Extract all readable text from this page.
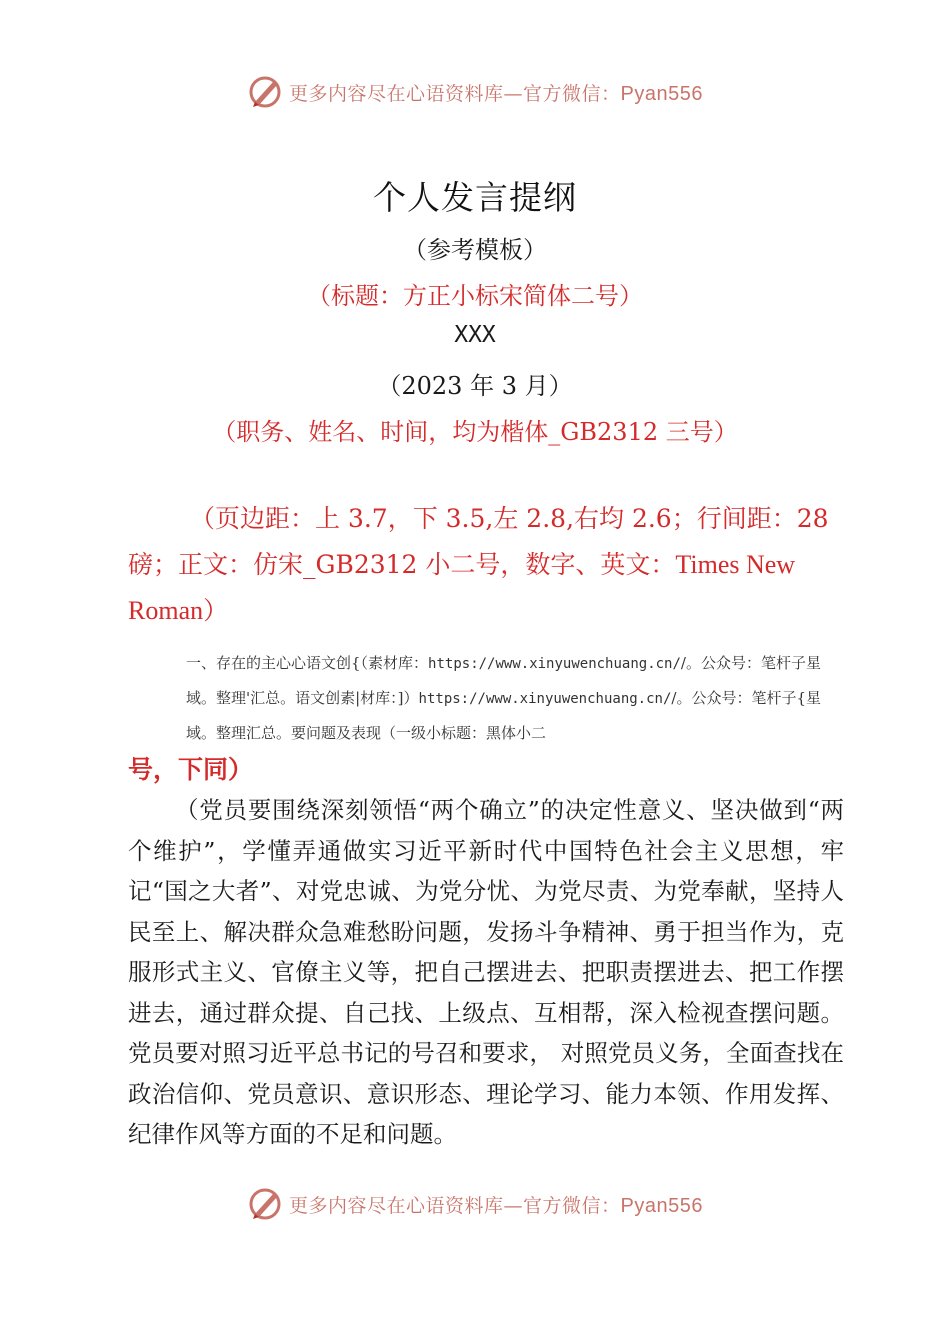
更多内容尽在心语资料库—官方微信：Pyan556
个人发言提纲
（参考模板）
（标题：方正小标宋简体二号）
XXX
（2023 年 3 月）
（职务、姓名、时间，均为楷体_GB2312 三号）
（页边距：上 3.7，下 3.5,左 2.8,右均 2.6；行间距：28 磅；正文：仿宋_GB2312 小二号，数字、英文：Times New Roman）
一、存在的主心心语文创{（素材库：https://www.xinyuwenchuang.cn//。公众号：笔杆子星域。整理'汇总。语文创素|材库：]）https://www.xinyuwenchuang.cn//。公众号：笔杆子{星域。整理汇总。要问题及表现（一级小标题：黑体小二
号，下同）
（党员要围绕深刻领悟“两个确立”的决定性意义、坚决做到“两个维护”，学懂弄通做实习近平新时代中国特色社会主义思想，牢记“国之大者”、对党忠诚、为党分忧、为党尽责、为党奉献，坚持人民至上、解决群众急难愁盼问题，发扬斗争精神、勇于担当作为，克服形式主义、官僚主义等，把自己摆进去、把职责摆进去、把工作摆进去，通过群众提、自己找、上级点、互相帮，深入检视查摆问题。党员要对照习近平总书记的号召和要求， 对照党员义务，全面查找在政治信仰、党员意识、意识形态、理论学习、能力本领、作用发挥、纪律作风等方面的不足和问题。
更多内容尽在心语资料库—官方微信：Pyan556
